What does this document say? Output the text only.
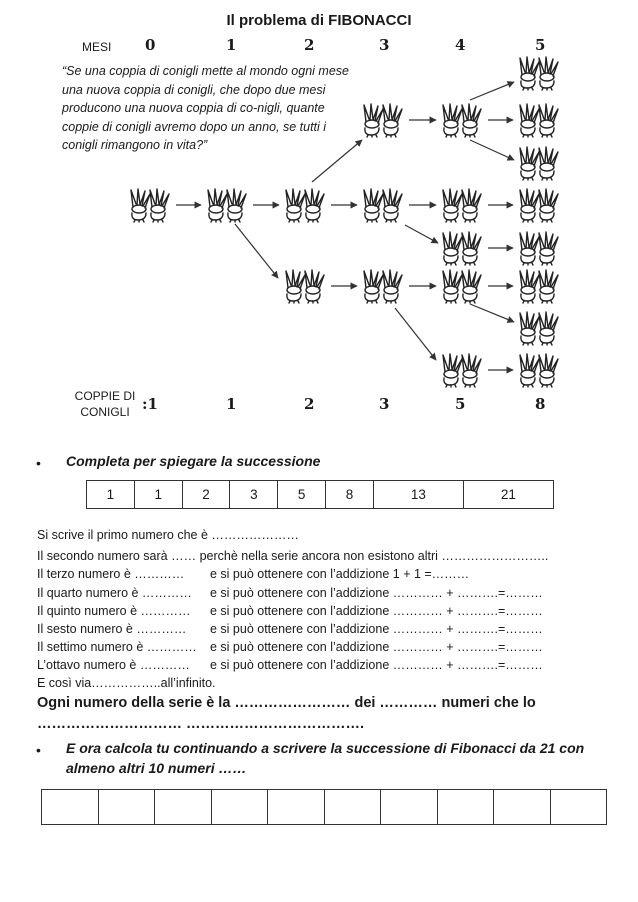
Il problema di FIBONACCI
MESI 0	1	2	3	4	5
“Se una coppia di conigli mette al mondo ogni mese una nuova coppia di conigli, che dopo due mesi producono una nuova coppia di co-nigli, quante coppie di conigli avremo dopo un anno, se tutti i conigli rimangono in vita?”
COPPIE DI CONIGLI :1	1	2	3	5	8
• Completa per spiegare la successione
1	1	2	3	5	8	13	21
Si scrive il primo numero che è …………………
Il secondo numero sarà …… perchè nella serie ancora non esistono altri ……………………..
Il terzo numero è ………… e si può ottenere con l’addizione 1 + 1 =………
Il quarto numero è ………… e si può ottenere con l’addizione ………… + ……….=………
Il quinto numero è ………… e si può ottenere con l’addizione ………… + ……….=………
Il sesto numero è ………… e si può ottenere con l’addizione ………… + ……….=………
Il settimo numero è ………… e si può ottenere con l’addizione ………… + ……….=………
L’ottavo numero è ………… e si può ottenere con l’addizione ………… + ……….=………
E così via……………..all’infinito.
Ogni numero della serie è la …………………… dei ………… numeri che lo
………………………… ……………………………….
• E ora calcola tu continuando a scrivere la successione di Fibonacci da 21 con almeno altri 10 numeri ……
